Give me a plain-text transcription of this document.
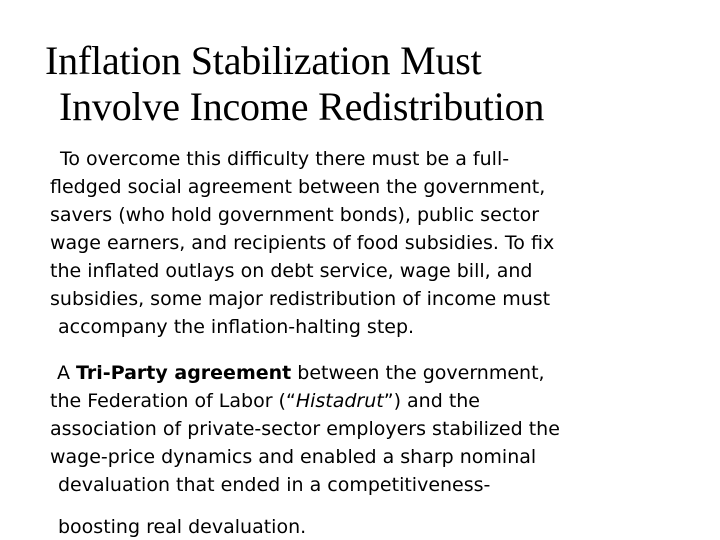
Inflation Stabilization Must
Involve Income Redistribution
To overcome this difficulty there must be a full-
fledged social agreement between the government,
savers (who hold government bonds), public sector
wage earners, and recipients of food subsidies. To fix
the inflated outlays on debt service, wage bill, and
subsidies, some major redistribution of income must
accompany the inflation-halting step.
A Tri-Party agreement between the government,
the Federation of Labor (“Histadrut”) and the
association of private-sector employers stabilized the
wage-price dynamics and enabled a sharp nominal
devaluation that ended in a competitiveness-
boosting real devaluation.
